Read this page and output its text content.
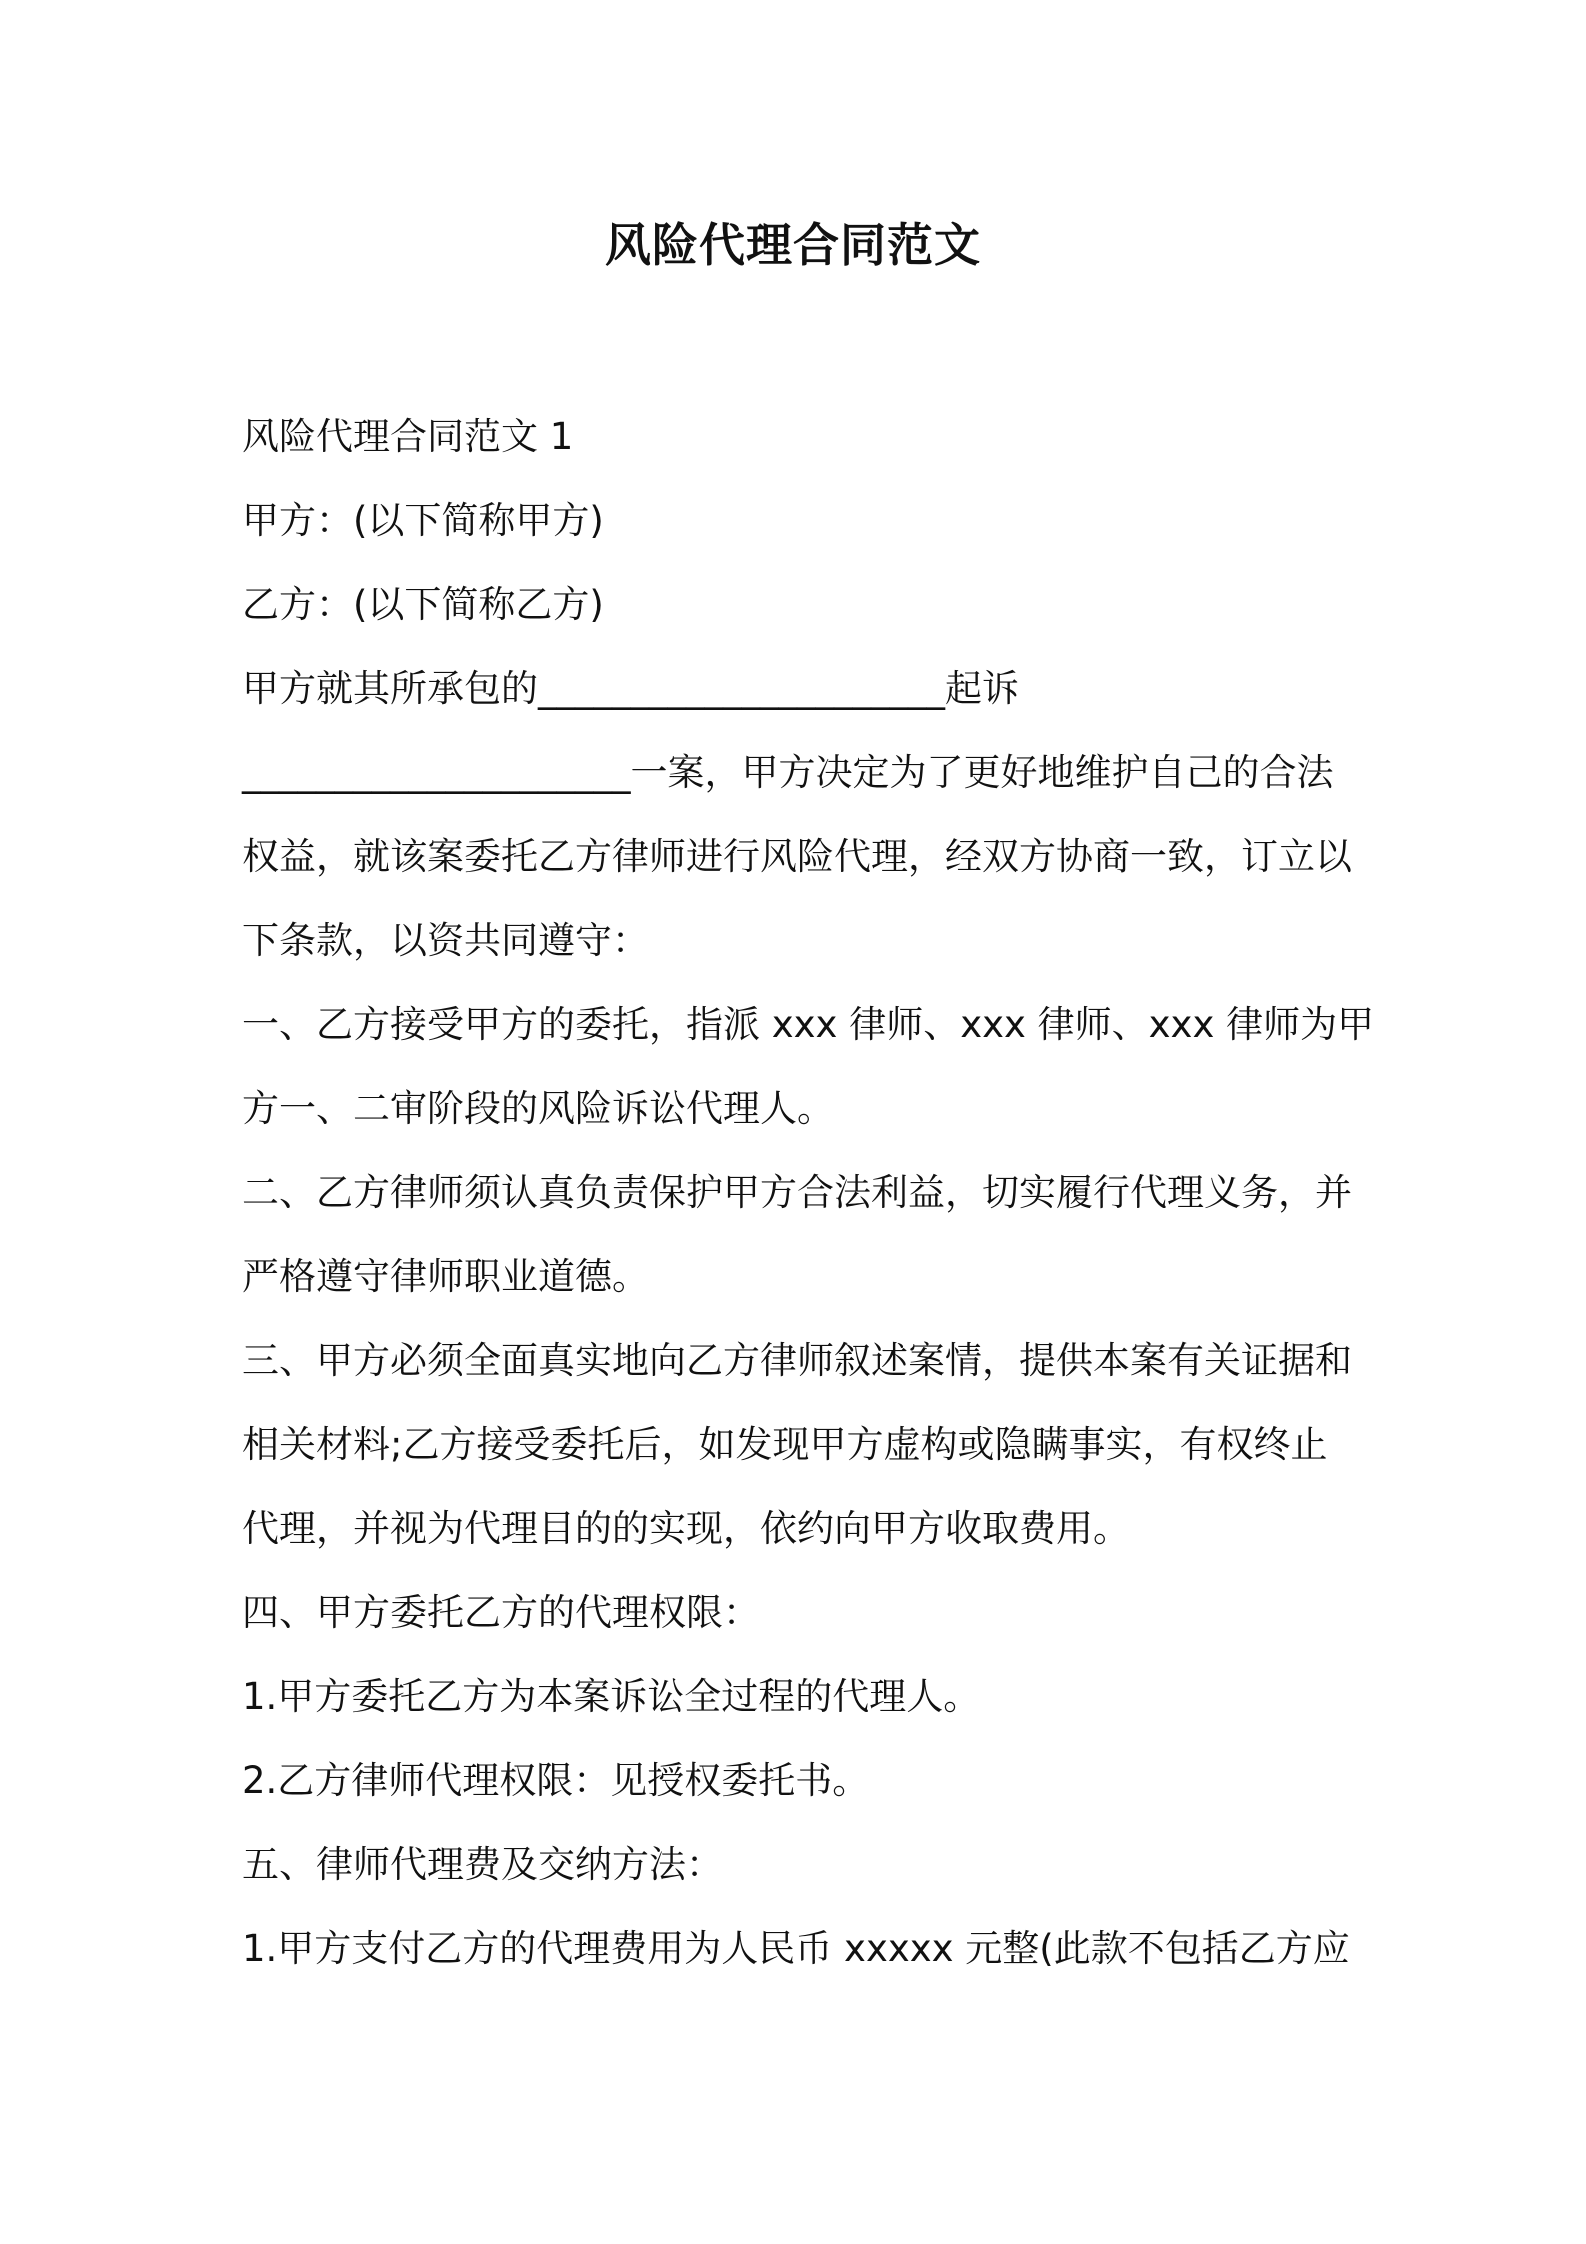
风险代理合同范文
风险代理合同范文 1
甲方：(以下简称甲方)
乙方：(以下简称乙方)
甲方就其所承包的______________________起诉
_____________________一案，甲方决定为了更好地维护自己的合法
权益，就该案委托乙方律师进行风险代理，经双方协商一致，订立以
下条款，以资共同遵守：
一、乙方接受甲方的委托，指派 xxx 律师、xxx 律师、xxx 律师为甲
方一、二审阶段的风险诉讼代理人。
二、乙方律师须认真负责保护甲方合法利益，切实履行代理义务，并
严格遵守律师职业道德。
三、甲方必须全面真实地向乙方律师叙述案情，提供本案有关证据和
相关材料;乙方接受委托后，如发现甲方虚构或隐瞒事实，有权终止
代理，并视为代理目的的实现，依约向甲方收取费用。
四、甲方委托乙方的代理权限：
1.甲方委托乙方为本案诉讼全过程的代理人。
2.乙方律师代理权限：见授权委托书。
五、律师代理费及交纳方法：
1.甲方支付乙方的代理费用为人民币 xxxxx 元整(此款不包括乙方应
